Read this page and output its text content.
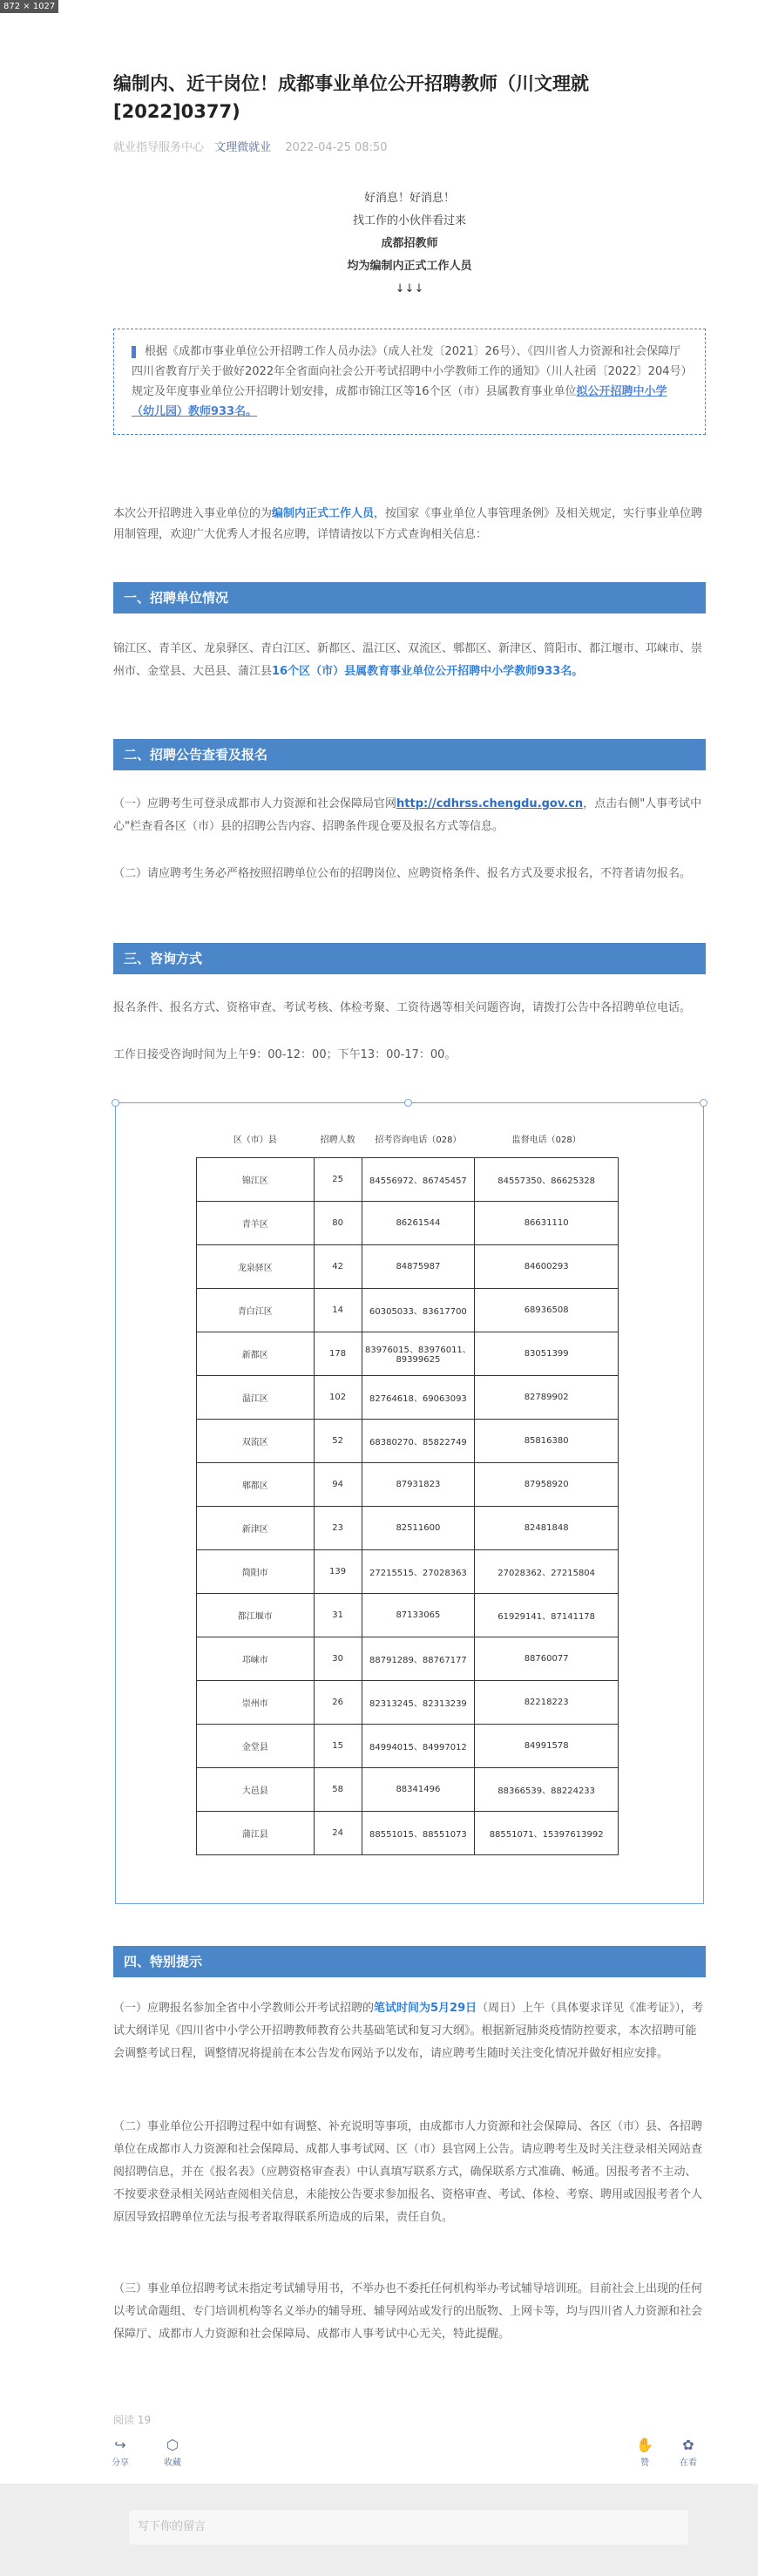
872 × 1027
编制内、近干岗位！成都事业单位公开招聘教师（川文理就[2022]0377)
就业指导服务中心 文理微就业 2022-04-25 08:50
好消息！好消息！
找工作的小伙伴看过来
成都招教师
均为编制内正式工作人员
↓↓↓
根据《成都市事业单位公开招聘工作人员办法》（成人社发〔2021〕26号）、《四川省人力资源和社会保障厅四川省教育厅关于做好2022年全省面向社会公开考试招聘中小学教师工作的通知》（川人社函〔2022〕204号）规定及年度事业单位公开招聘计划安排，成都市锦江区等16个区（市）县属教育事业单位拟公开招聘中小学（幼儿园）教师933名。
本次公开招聘进入事业单位的为编制内正式工作人员，按国家《事业单位人事管理条例》及相关规定，实行事业单位聘用制管理，欢迎广大优秀人才报名应聘，详情请按以下方式查询相关信息：
一、招聘单位情况
锦江区、青羊区、龙泉驿区、青白江区、新都区、温江区、双流区、郫都区、新津区、简阳市、都江堰市、邛崃市、崇州市、金堂县、大邑县、蒲江县16个区（市）县属教育事业单位公开招聘中小学教师933名。
二、招聘公告查看及报名
（一）应聘考生可登录成都市人力资源和社会保障局官网http://cdhrss.chengdu.gov.cn，点击右侧"人事考试中心"栏查看各区（市）县的招聘公告内容、招聘条件现仓要及报名方式等信息。
（二）请应聘考生务必严格按照招聘单位公布的招聘岗位、应聘资格条件、报名方式及要求报名，不符者请勿报名。
三、咨询方式
报名条件、报名方式、资格审查、考试考核、体检考聚、工资待遇等相关问题咨询，请拨打公告中各招聘单位电话。
工作日接受咨询时间为上午9：00-12：00；下午13：00-17：00。
区（市）县	招聘人数	招考咨询电话（028）	监督电话（028）
锦江区	25	84556972、86745457	84557350、86625328
青羊区	80	86261544	86631110
龙泉驿区	42	84875987	84600293
青白江区	14	60305033、83617700	68936508
新都区	178	83976015、83976011、89399625	83051399
温江区	102	82764618、69063093	82789902
双流区	52	68380270、85822749	85816380
郫都区	94	87931823	87958920
新津区	23	82511600	82481848
简阳市	139	27215515、27028363	27028362、27215804
都江堰市	31	87133065	61929141、87141178
邛崃市	30	88791289、88767177	88760077
崇州市	26	82313245、82313239	82218223
金堂县	15	84994015、84997012	84991578
大邑县	58	88341496	88366539、88224233
蒲江县	24	88551015、88551073	88551071、15397613992
四、特别提示
（一）应聘报名参加全省中小学教师公开考试招聘的笔试时间为5月29日（周日）上午（具体要求详见《准考证》），考试大纲详见《四川省中小学公开招聘教师教育公共基础笔试和复习大纲》。根据新冠肺炎疫情防控要求，本次招聘可能会调整考试日程，调整情况将提前在本公告发布网站予以发布，请应聘考生随时关注变化情况并做好相应安排。
（二）事业单位公开招聘过程中如有调整、补充说明等事项，由成都市人力资源和社会保障局、各区（市）县、各招聘单位在成都市人力资源和社会保障局、成都人事考试网、区（市）县官网上公告。请应聘考生及时关注登录相关网站查阅招聘信息，并在《报名表》（应聘资格审查表）中认真填写联系方式，确保联系方式准确、畅通。因报考者不主动、不按要求登录相关网站查阅相关信息，未能按公告要求参加报名、资格审查、考试、体检、考察、聘用或因报考者个人原因导致招聘单位无法与报考者取得联系所造成的后果，责任自负。
（三）事业单位招聘考试未指定考试辅导用书，不举办也不委托任何机构举办考试辅导培训班。目前社会上出现的任何以考试命题组、专门培训机构等名义举办的辅导班、辅导网站或发行的出版物、上网卡等，均与四川省人力资源和社会保障厅、成都市人力资源和社会保障局、成都市人事考试中心无关，特此提醒。
阅读 19
↪
分享
⬡
收藏
✋
赞
✿
在看
写下你的留言
